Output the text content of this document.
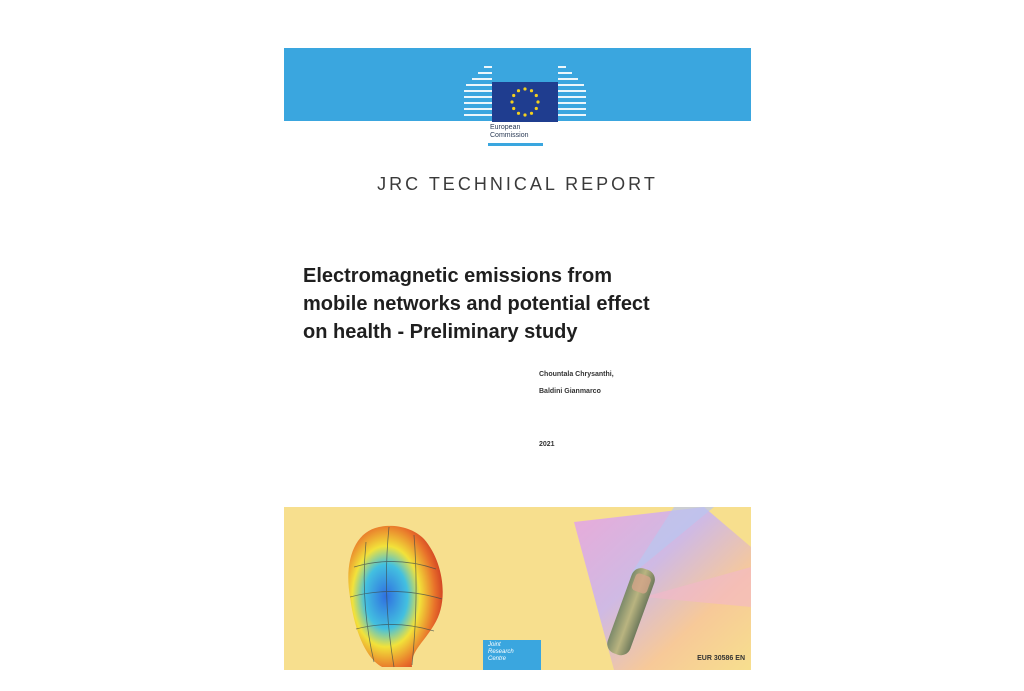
European
Commission
JRC TECHNICAL REPORT
Electromagnetic emissions from
mobile networks and potential effect
on health - Preliminary study
Chountala Chrysanthi,
Baldini Gianmarco
2021
Joint
Research
Centre	EUR 30586 EN
